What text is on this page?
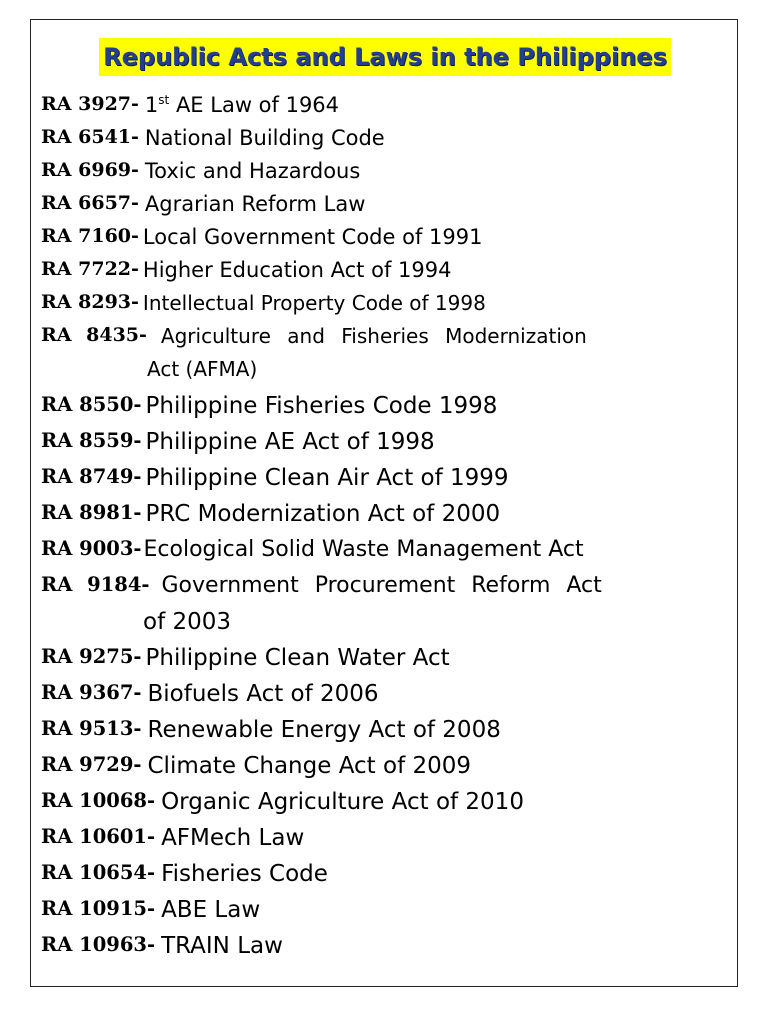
Republic Acts and Laws in the Philippines
RA 3927- 1st AE Law of 1964
RA 6541- National Building Code
RA 6969- Toxic and Hazardous
RA 6657- Agrarian Reform Law
RA 7160- Local Government Code of 1991
RA 7722- Higher Education Act of 1994
RA 8293- Intellectual Property Code of 1998
RA 8435- Agriculture and Fisheries Modernization
Act (AFMA)
RA 8550- Philippine Fisheries Code 1998
RA 8559- Philippine AE Act of 1998
RA 8749- Philippine Clean Air Act of 1999
RA 8981- PRC Modernization Act of 2000
RA 9003- Ecological Solid Waste Management Act
RA 9184- Government Procurement Reform Act
of 2003
RA 9275- Philippine Clean Water Act
RA 9367- Biofuels Act of 2006
RA 9513- Renewable Energy Act of 2008
RA 9729- Climate Change Act of 2009
RA 10068- Organic Agriculture Act of 2010
RA 10601- AFMech Law
RA 10654- Fisheries Code
RA 10915- ABE Law
RA 10963- TRAIN Law
